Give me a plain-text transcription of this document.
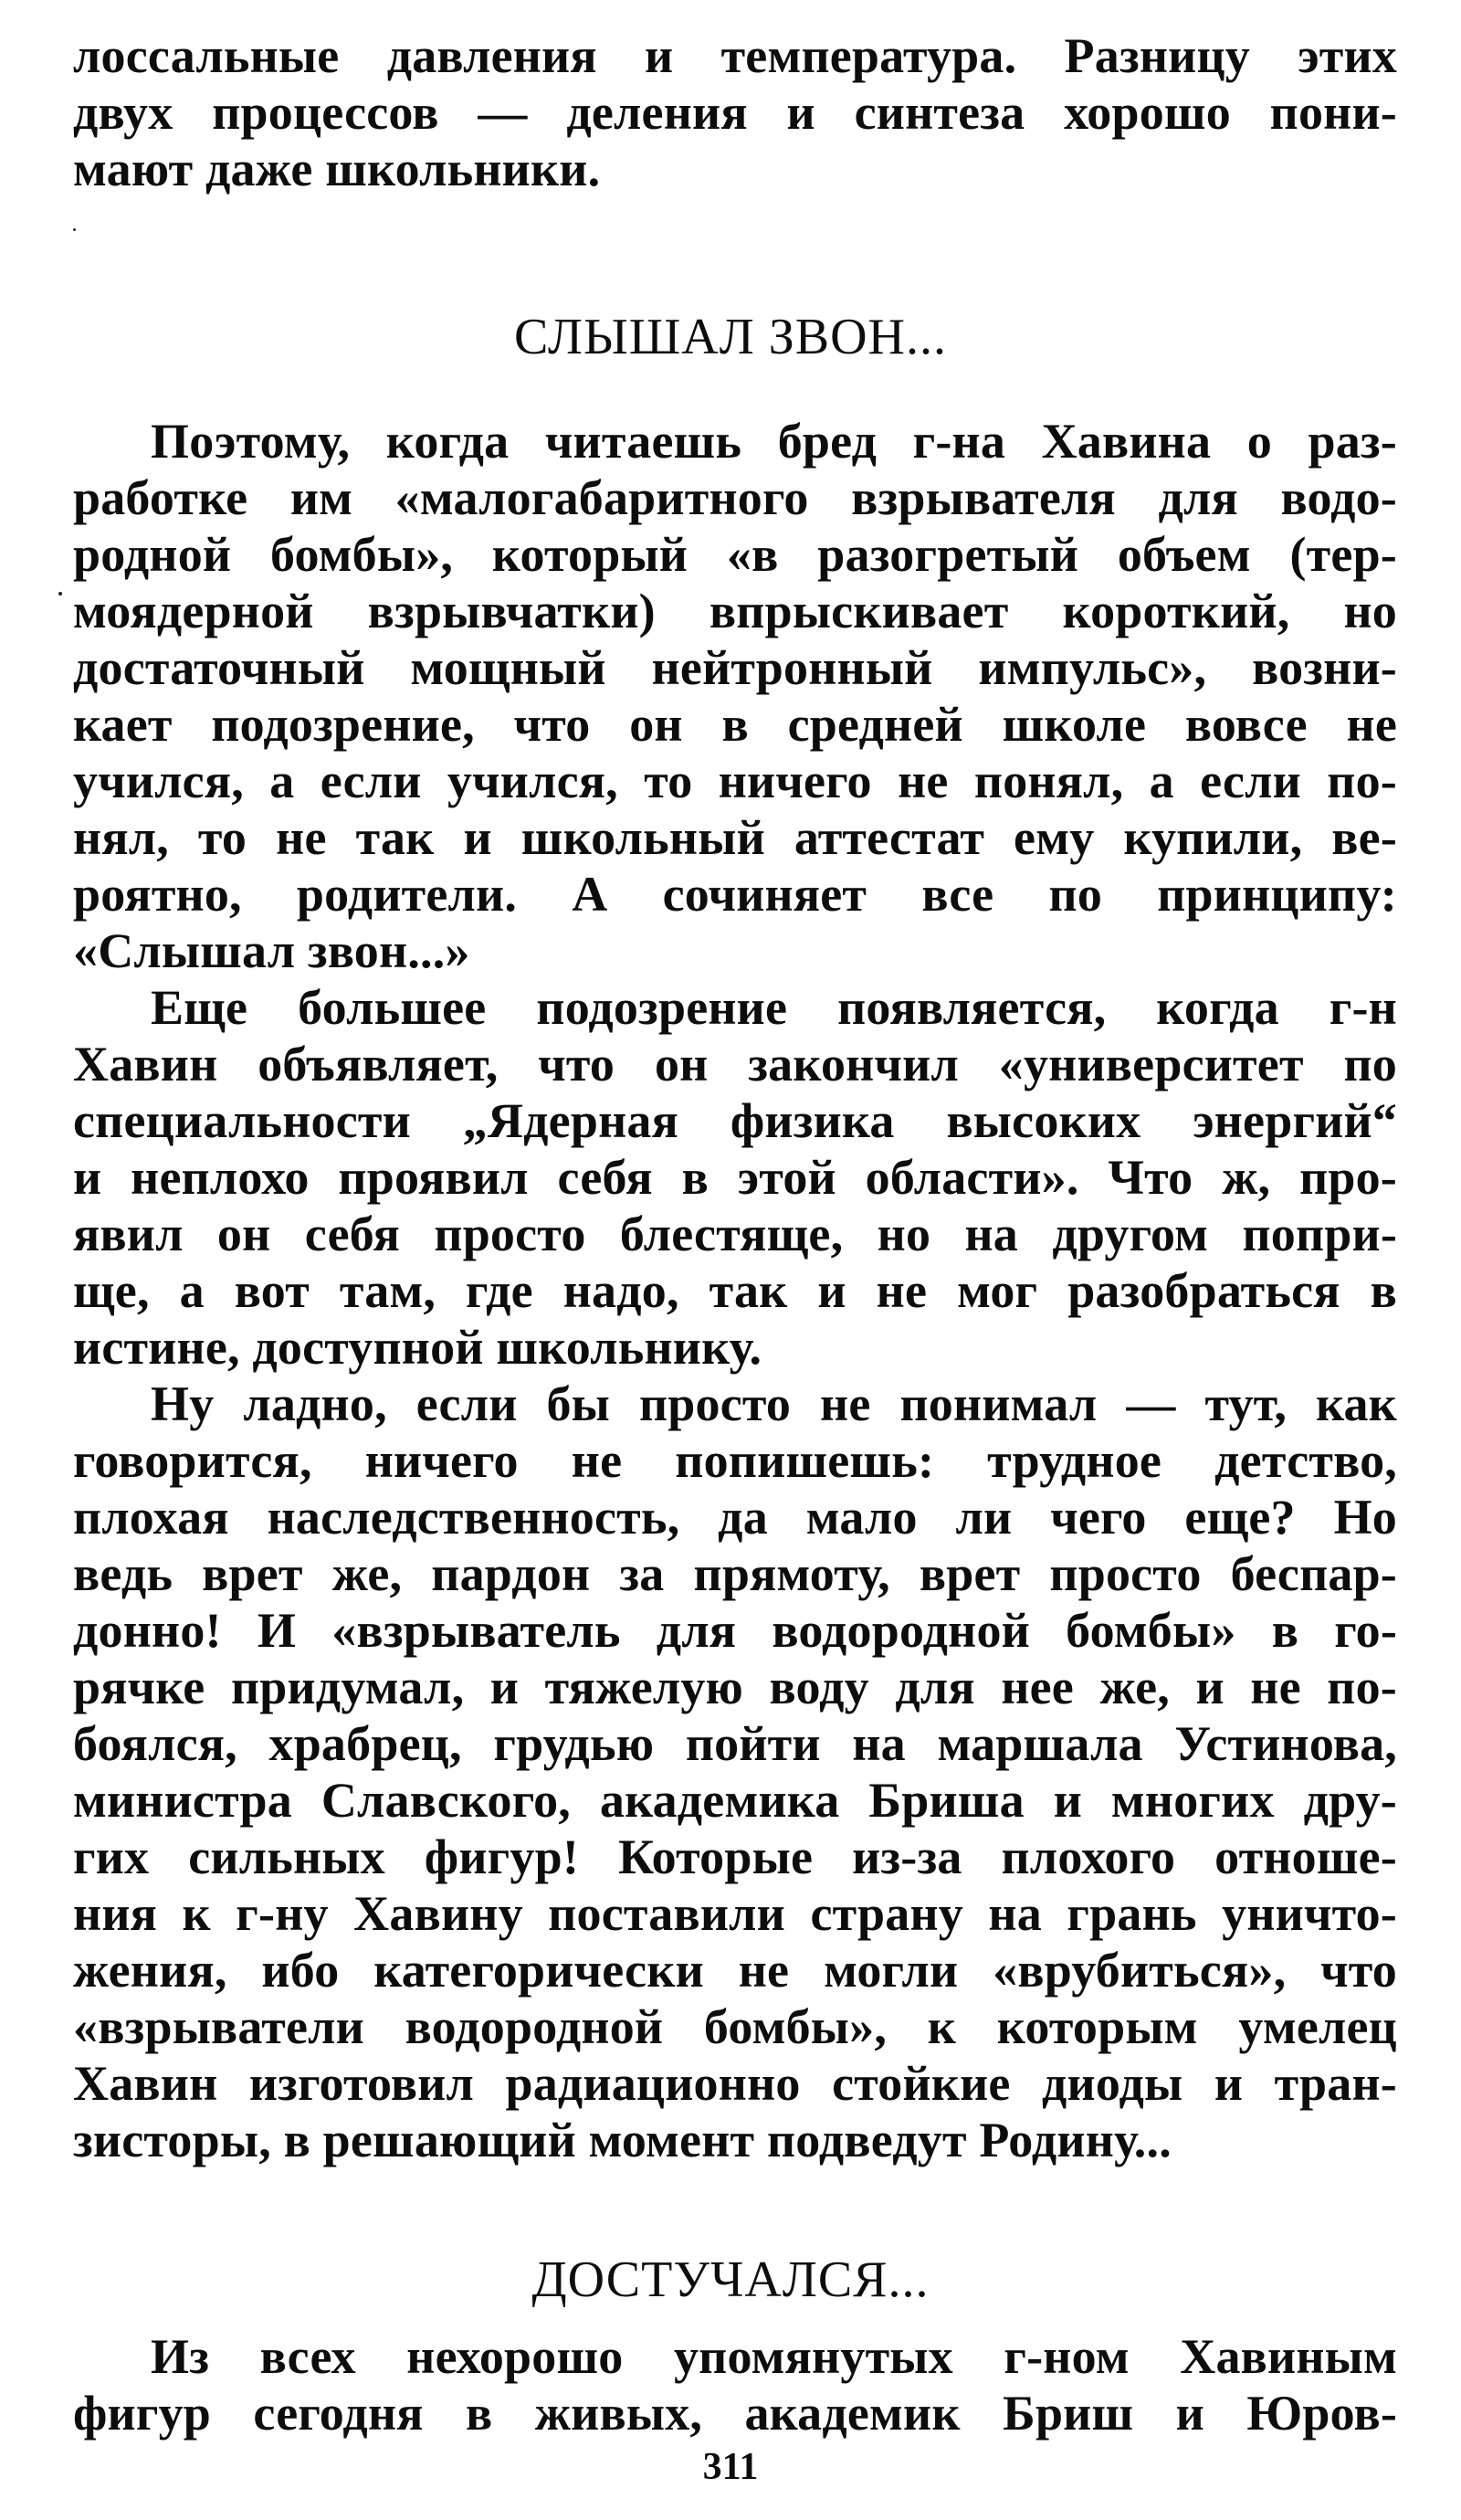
лоссальные давления и температура. Разницу этих
двух процессов — деления и синтеза хорошо пони-
мают даже школьники.
СЛЫШАЛ ЗВОН...
Поэтому, когда читаешь бред г-на Хавина о раз-
работке им «малогабаритного взрывателя для водо-
родной бомбы», который «в разогретый объем (тер-
моядерной взрывчатки) впрыскивает короткий, но
достаточный мощный нейтронный импульс», возни-
кает подозрение, что он в средней школе вовсе не
учился, а если учился, то ничего не понял, а если по-
нял, то не так и школьный аттестат ему купили, ве-
роятно, родители. А сочиняет все по принципу:
«Слышал звон...»
Еще большее подозрение появляется, когда г-н
Хавин объявляет, что он закончил «университет по
специальности „Ядерная физика высоких энергий“
и неплохо проявил себя в этой области». Что ж, про-
явил он себя просто блестяще, но на другом попри-
ще, а вот там, где надо, так и не мог разобраться в
истине, доступной школьнику.
Ну ладно, если бы просто не понимал — тут, как
говорится, ничего не попишешь: трудное детство,
плохая наследственность, да мало ли чего еще? Но
ведь врет же, пардон за прямоту, врет просто беспар-
донно! И «взрыватель для водородной бомбы» в го-
рячке придумал, и тяжелую воду для нее же, и не по-
боялся, храбрец, грудью пойти на маршала Устинова,
министра Славского, академика Бриша и многих дру-
гих сильных фигур! Которые из-за плохого отноше-
ния к г-ну Хавину поставили страну на грань уничто-
жения, ибо категорически не могли «врубиться», что
«взрыватели водородной бомбы», к которым умелец
Хавин изготовил радиационно стойкие диоды и тран-
зисторы, в решающий момент подведут Родину...
ДОСТУЧАЛСЯ...
Из всех нехорошо упомянутых г-ном Хавиным
фигур сегодня в живых, академик Бриш и Юров-
311
